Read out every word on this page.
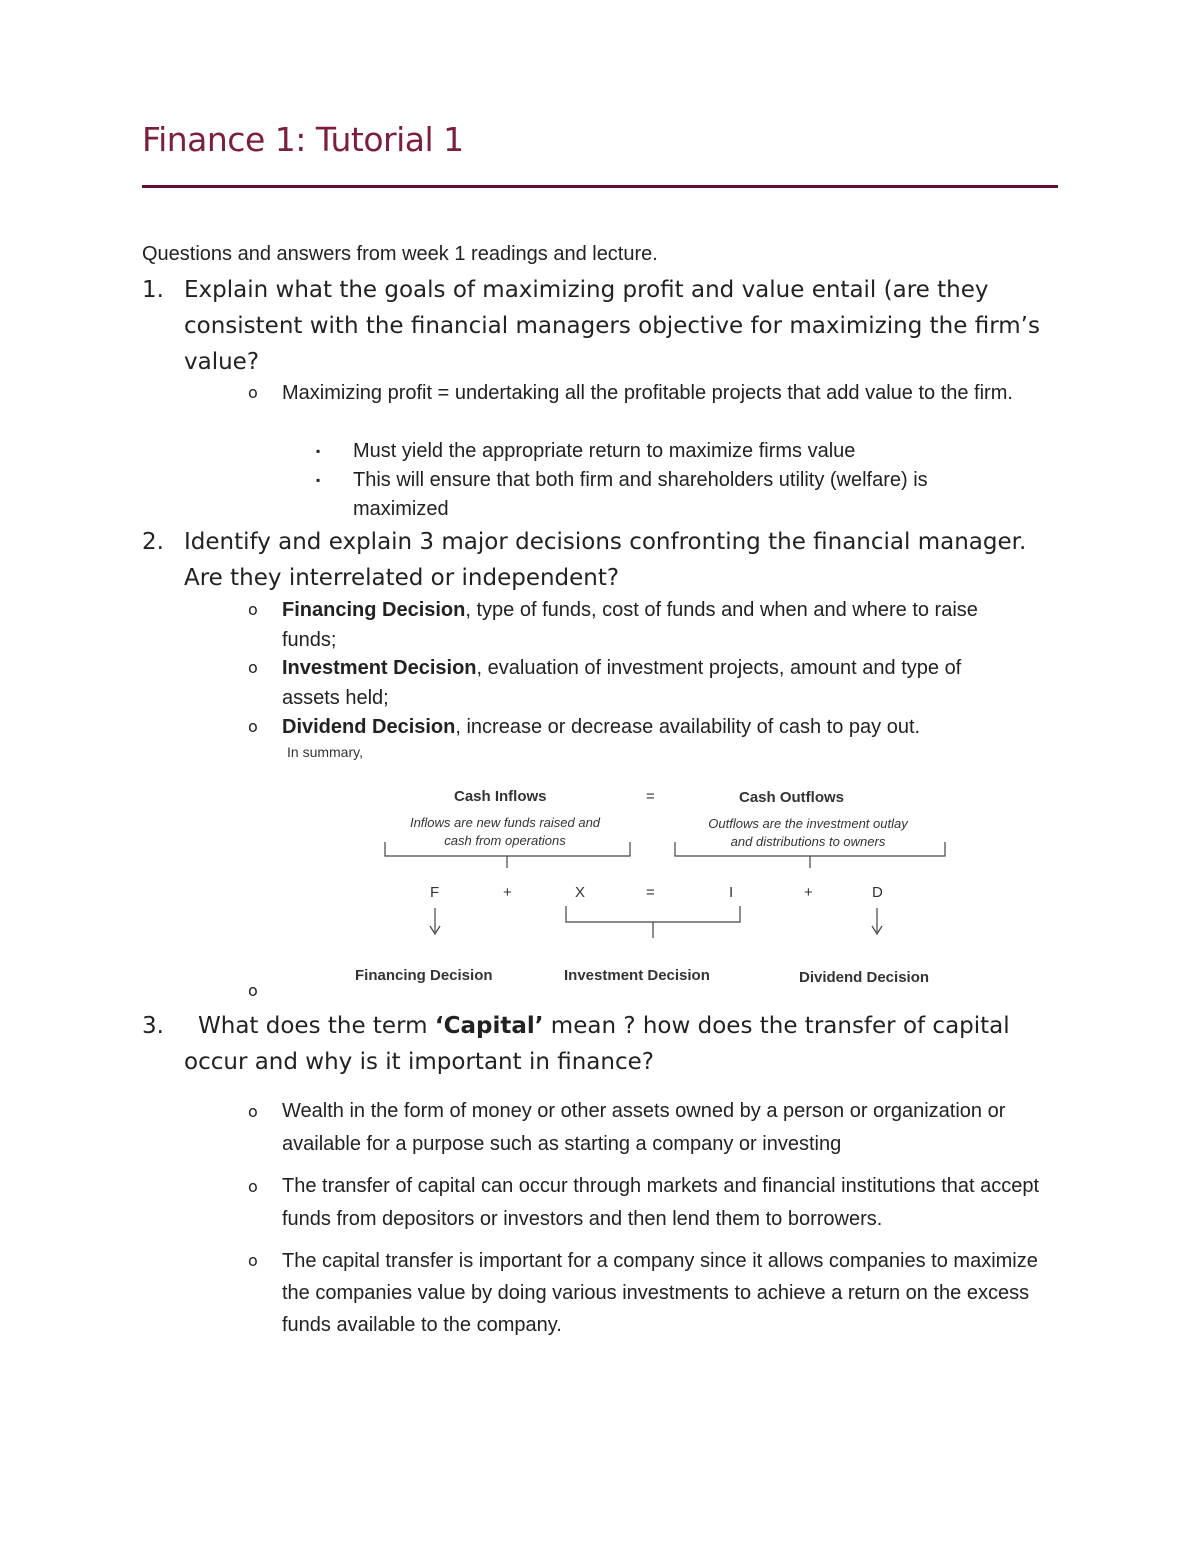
Finance 1: Tutorial 1
Questions and answers from week 1 readings and lecture.
1. Explain what the goals of maximizing profit and value entail (are they consistent with the financial managers objective for maximizing the firm’s value?
o	Maximizing profit = undertaking all the profitable projects that add value to the firm.
▪ Must yield the appropriate return to maximize firms value
▪ This will ensure that both firm and shareholders utility (welfare) is maximized
2. Identify and explain 3 major decisions confronting the financial manager. Are they interrelated or independent?
o	Financing Decision, type of funds, cost of funds and when and where to raise funds;
o	Investment Decision, evaluation of investment projects, amount and type of assets held;
o	Dividend Decision, increase or decrease availability of cash to pay out.
In summary,
Cash Inflows	=	Cash Outflows
Inflows are new funds raised and
cash from operations
Outflows are the investment outlay
and distributions to owners
F	+	X	=	I	+	D
Financing Decision	Investment Decision	Dividend Decision
o
3.	What does the term ‘Capital’ mean ? how does the transfer of capital occur and why is it important in finance?
o	Wealth in the form of money or other assets owned by a person or organization or available for a purpose such as starting a company or investing
o	The transfer of capital can occur through markets and financial institutions that accept funds from depositors or investors and then lend them to borrowers.
o	The capital transfer is important for a company since it allows companies to maximize the companies value by doing various investments to achieve a return on the excess funds available to the company.
